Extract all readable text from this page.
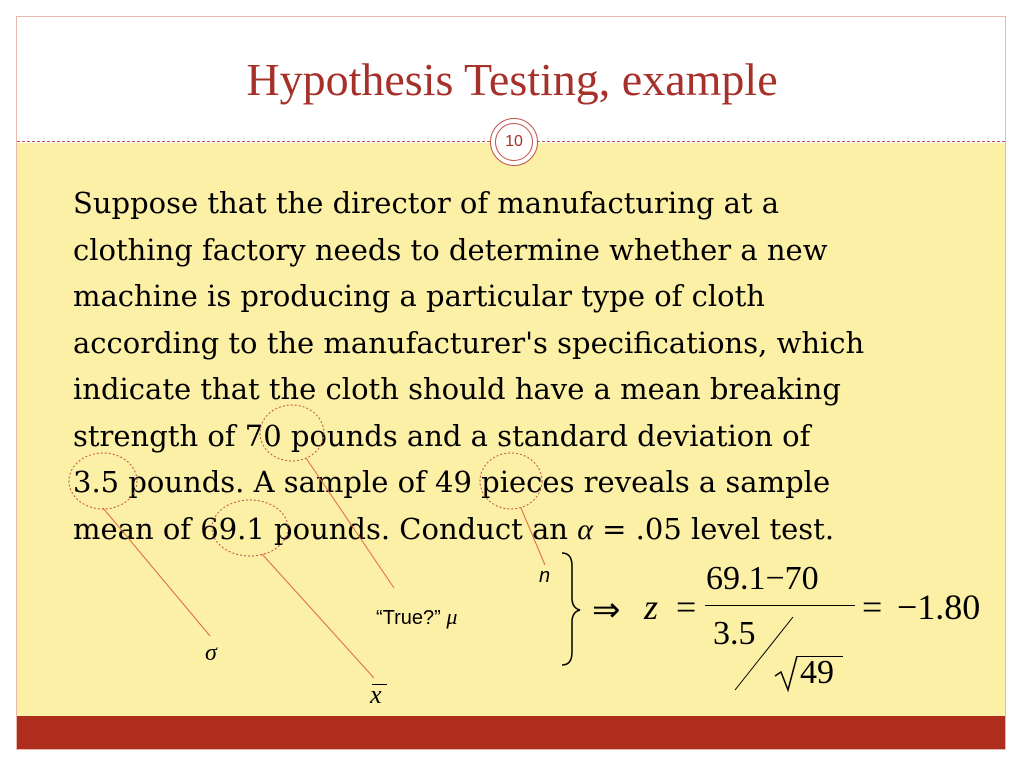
Hypothesis Testing, example
10
Suppose that the director of manufacturing at a
clothing factory needs to determine whether a new
machine is producing a particular type of cloth
according to the manufacturer's specifications, which
indicate that the cloth should have a mean breaking
strength of 70 pounds and a standard deviation of
3.5 pounds. A sample of 49 pieces reveals a sample
mean of 69.1 pounds. Conduct an α = .05 level test.
n
“True?” μ
σ
x
⇒ z =
69.1−70
3.5
49
= −1.80
